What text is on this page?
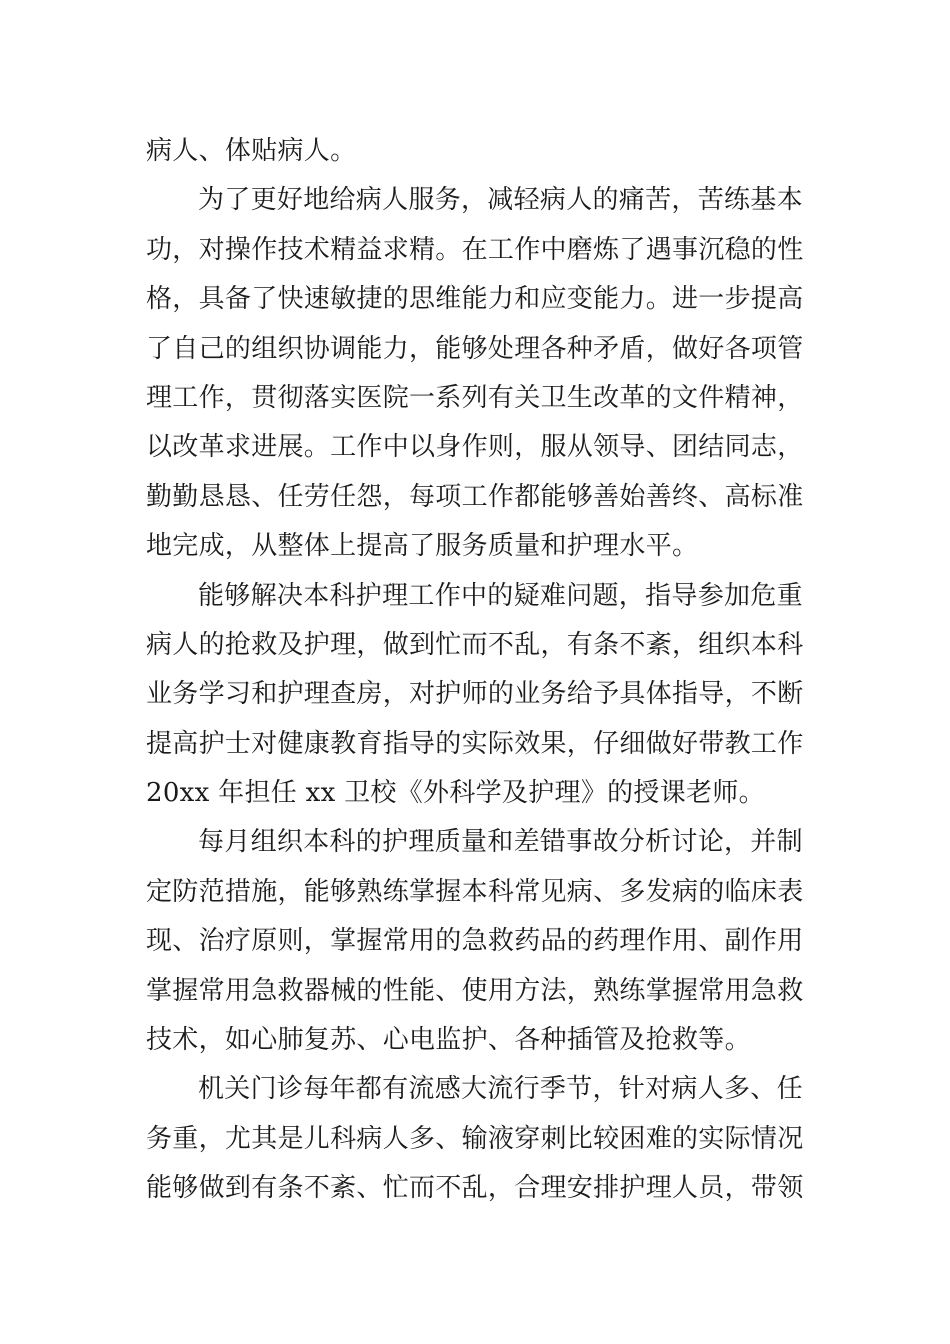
病人、体贴病人。
为了更好地给病人服务，减轻病人的痛苦，苦练基本
功，对操作技术精益求精。在工作中磨炼了遇事沉稳的性
格，具备了快速敏捷的思维能力和应变能力。进一步提高
了自己的组织协调能力，能够处理各种矛盾，做好各项管
理工作，贯彻落实医院一系列有关卫生改革的文件精神，
以改革求进展。工作中以身作则，服从领导、团结同志，
勤勤恳恳、任劳任怨，每项工作都能够善始善终、高标准
地完成，从整体上提高了服务质量和护理水平。
能够解决本科护理工作中的疑难问题，指导参加危重
病人的抢救及护理，做到忙而不乱，有条不紊，组织本科
业务学习和护理查房，对护师的业务给予具体指导，不断
提高护士对健康教育指导的实际效果，仔细做好带教工作
20xx 年担任 xx 卫校《外科学及护理》的授课老师。
每月组织本科的护理质量和差错事故分析讨论，并制
定防范措施，能够熟练掌握本科常见病、多发病的临床表
现、治疗原则，掌握常用的急救药品的药理作用、副作用
掌握常用急救器械的性能、使用方法，熟练掌握常用急救
技术，如心肺复苏、心电监护、各种插管及抢救等。
机关门诊每年都有流感大流行季节，针对病人多、任
务重，尤其是儿科病人多、输液穿刺比较困难的实际情况
能够做到有条不紊、忙而不乱，合理安排护理人员，带领
